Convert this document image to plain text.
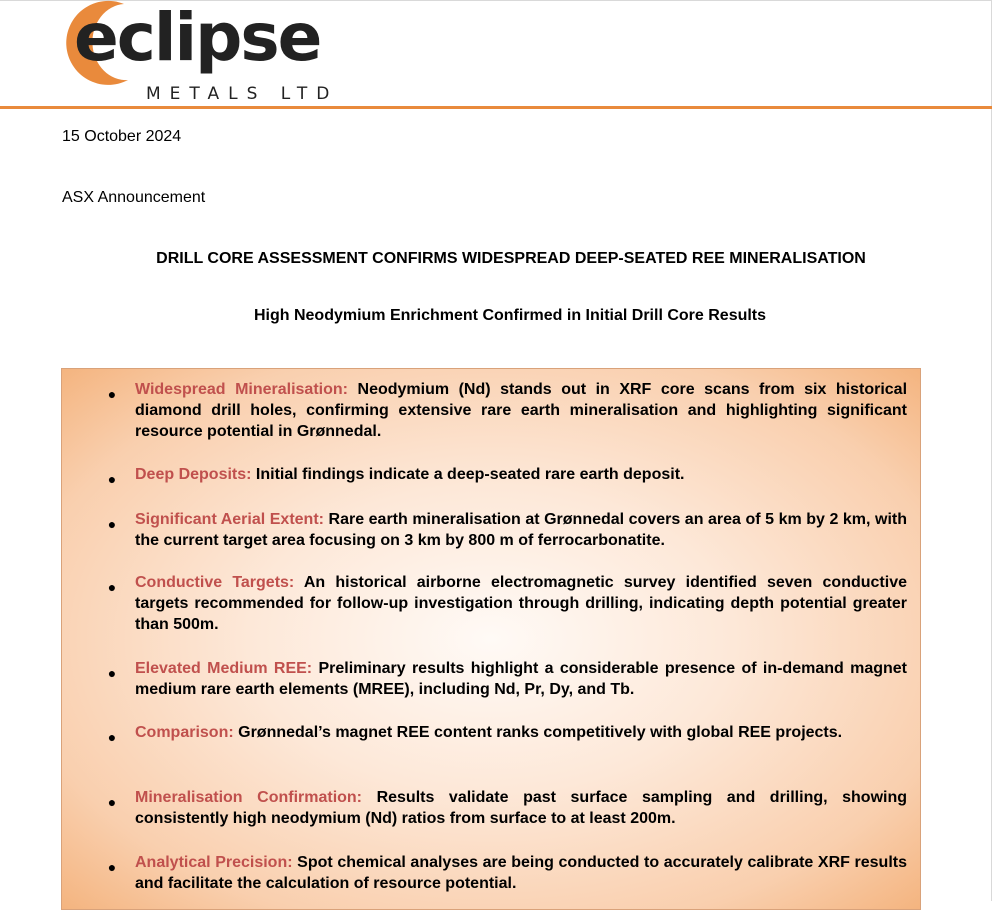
eclipse
METALS LTD
15 October 2024
ASX Announcement
DRILL CORE ASSESSMENT CONFIRMS WIDESPREAD DEEP-SEATED REE MINERALISATION
High Neodymium Enrichment Confirmed in Initial Drill Core Results
● Widespread Mineralisation: Neodymium (Nd) stands out in XRF core scans from six historical diamond drill holes, confirming extensive rare earth mineralisation and highlighting significant resource potential in Grønnedal.
● Deep Deposits: Initial findings indicate a deep-seated rare earth deposit.
● Significant Aerial Extent: Rare earth mineralisation at Grønnedal covers an area of 5 km by 2 km, with the current target area focusing on 3 km by 800 m of ferrocarbonatite.
● Conductive Targets: An historical airborne electromagnetic survey identified seven conductive targets recommended for follow-up investigation through drilling, indicating depth potential greater than 500m.
● Elevated Medium REE: Preliminary results highlight a considerable presence of in-demand magnet medium rare earth elements (MREE), including Nd, Pr, Dy, and Tb.
● Comparison: Grønnedal’s magnet REE content ranks competitively with global REE projects.
● Mineralisation Confirmation: Results validate past surface sampling and drilling, showing consistently high neodymium (Nd) ratios from surface to at least 200m.
● Analytical Precision: Spot chemical analyses are being conducted to accurately calibrate XRF results and facilitate the calculation of resource potential.
